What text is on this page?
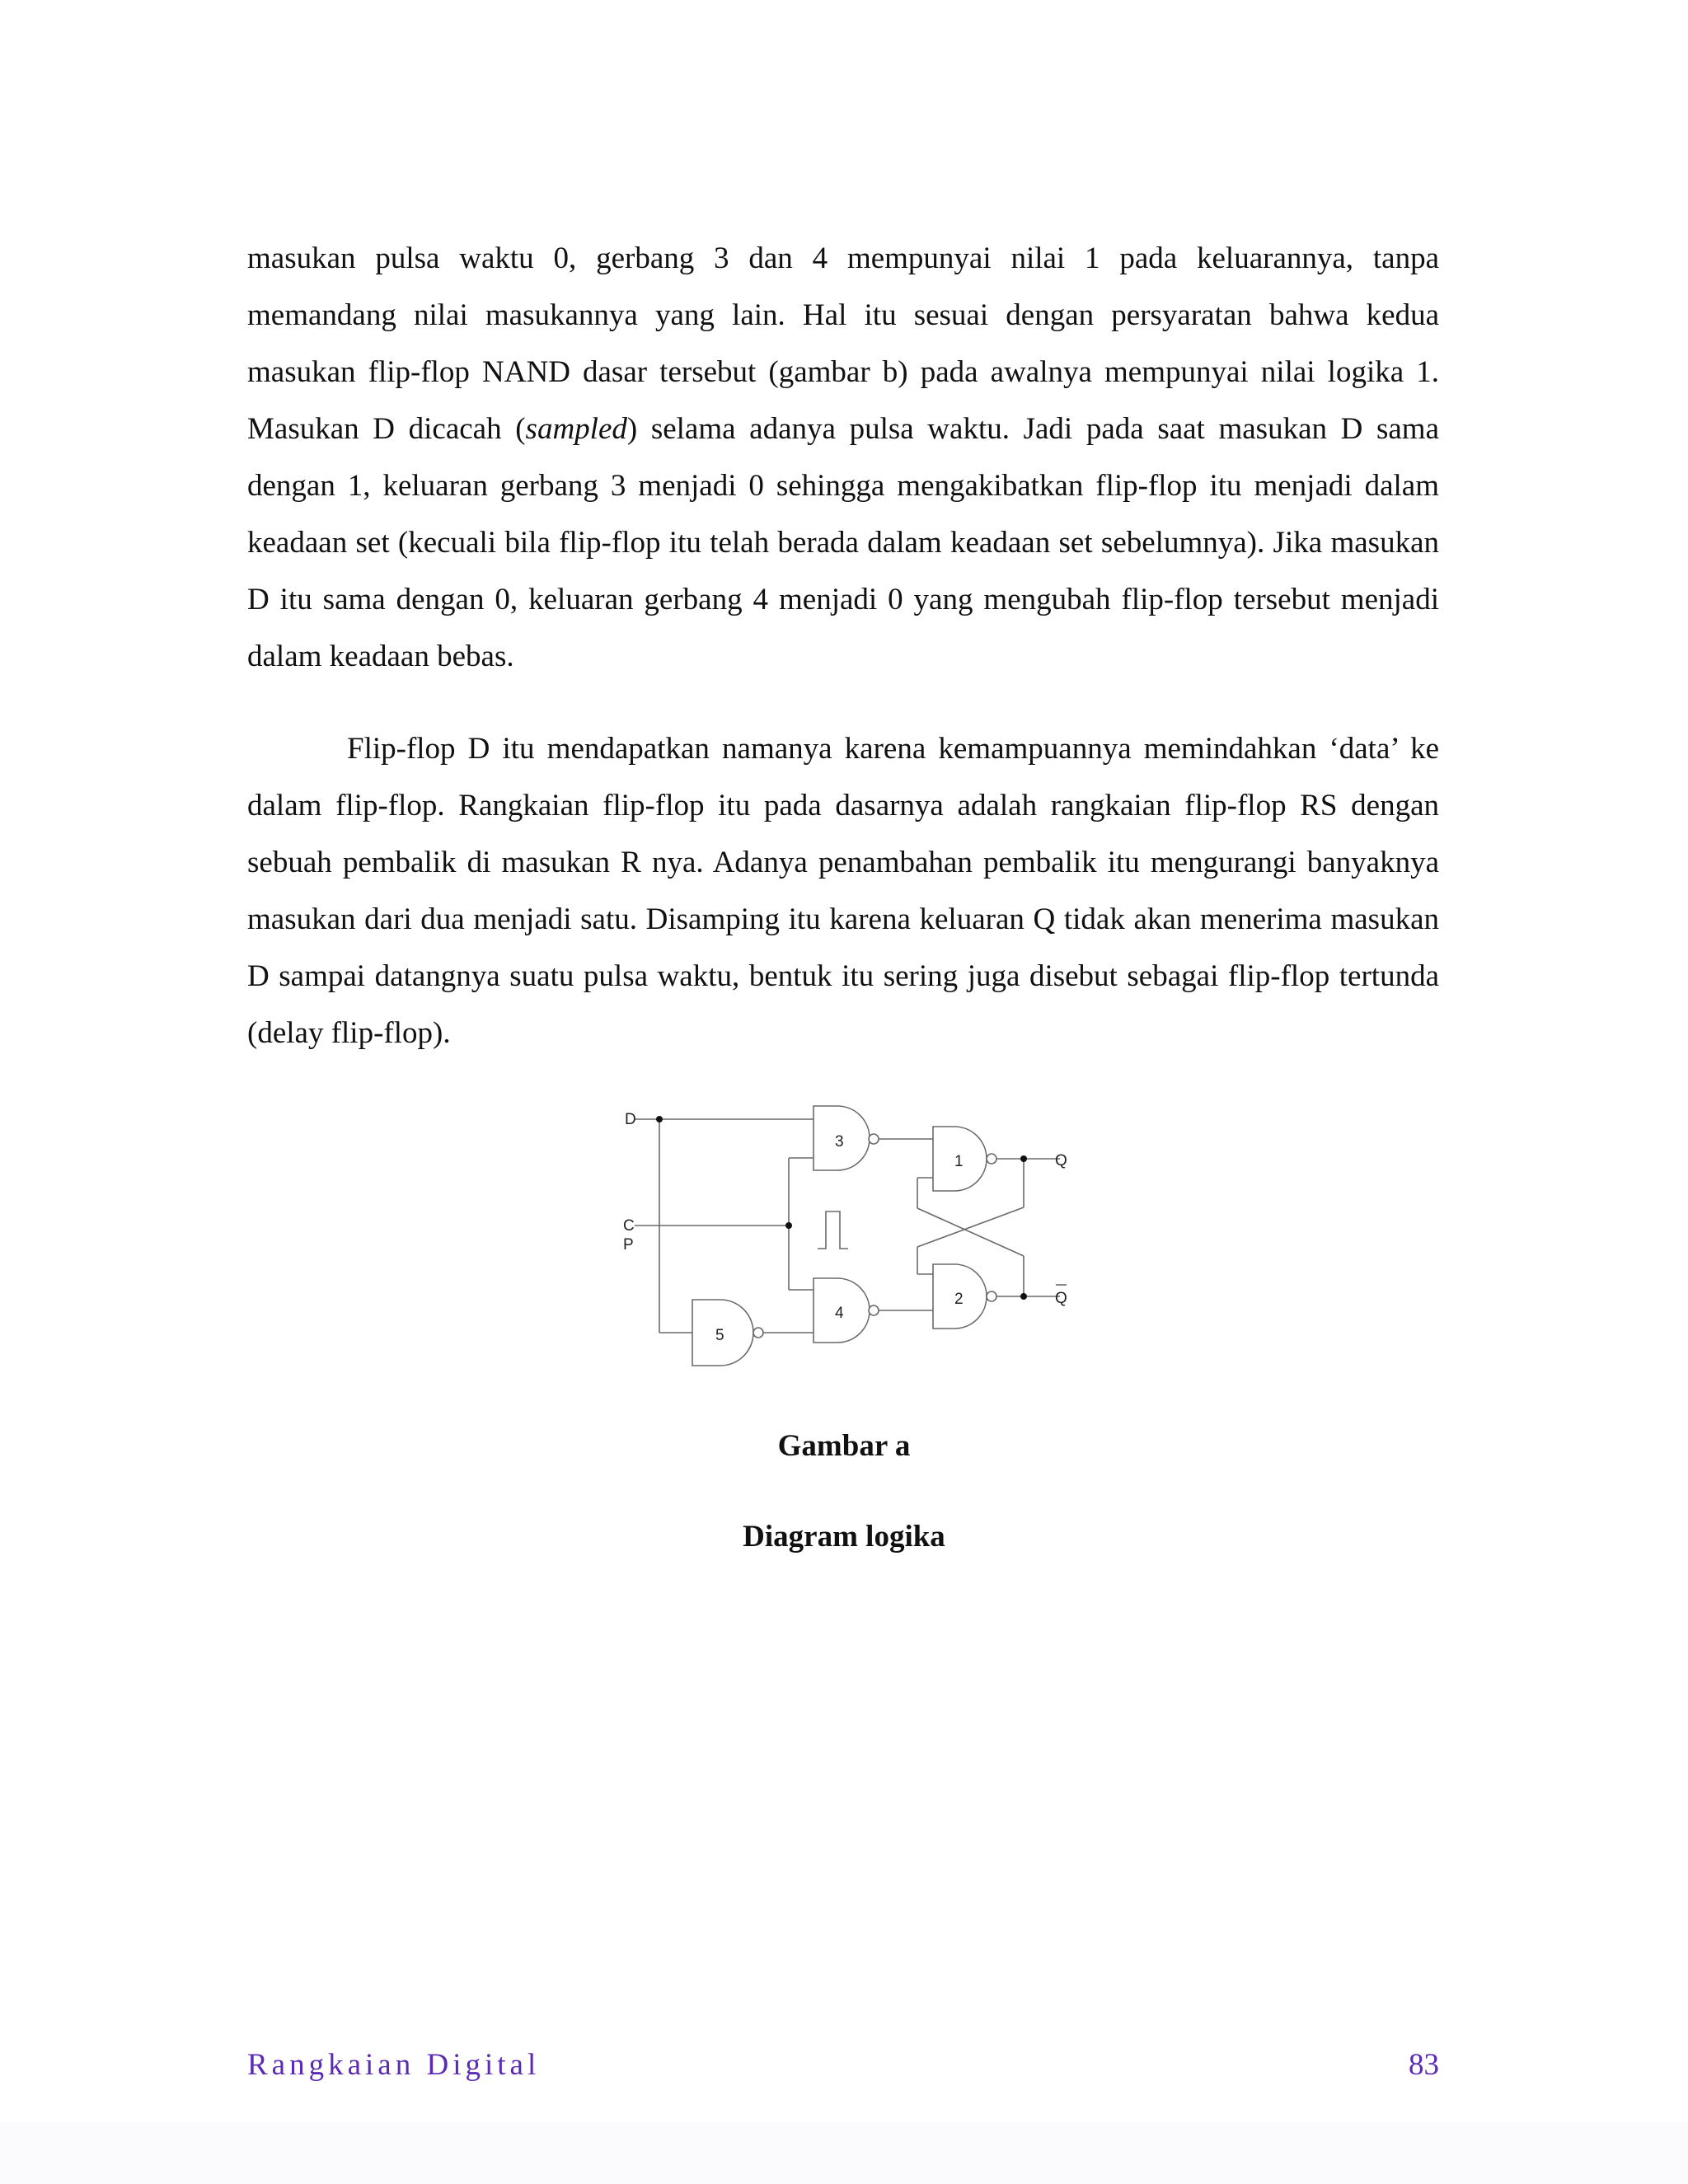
masukan pulsa waktu 0, gerbang 3 dan 4 mempunyai nilai 1 pada keluarannya, tanpa memandang nilai masukannya yang lain. Hal itu sesuai dengan persyaratan bahwa kedua masukan flip-flop NAND dasar tersebut (gambar b) pada awalnya mempunyai nilai logika 1. Masukan D dicacah (sampled) selama adanya pulsa waktu. Jadi pada saat masukan D sama dengan 1, keluaran gerbang 3 menjadi 0 sehingga mengakibatkan flip-flop itu menjadi dalam keadaan set (kecuali bila flip-flop itu telah berada dalam keadaan set sebelumnya). Jika masukan D itu sama dengan 0, keluaran gerbang 4 menjadi 0 yang mengubah flip-flop tersebut menjadi dalam keadaan bebas.

Flip-flop D itu mendapatkan namanya karena kemampuannya memindahkan ‘data’ ke dalam flip-flop. Rangkaian flip-flop itu pada dasarnya adalah rangkaian flip-flop RS dengan sebuah pembalik di masukan R nya. Adanya penambahan pembalik itu mengurangi banyaknya masukan dari dua menjadi satu. Disamping itu karena keluaran Q tidak akan menerima masukan D sampai datangnya suatu pulsa waktu, bentuk itu sering juga disebut sebagai flip-flop tertunda (delay flip-flop).

D
C
P
3
1
2
4
5
Q
Q

Gambar a

Diagram logika

Rangkaian Digital	83
